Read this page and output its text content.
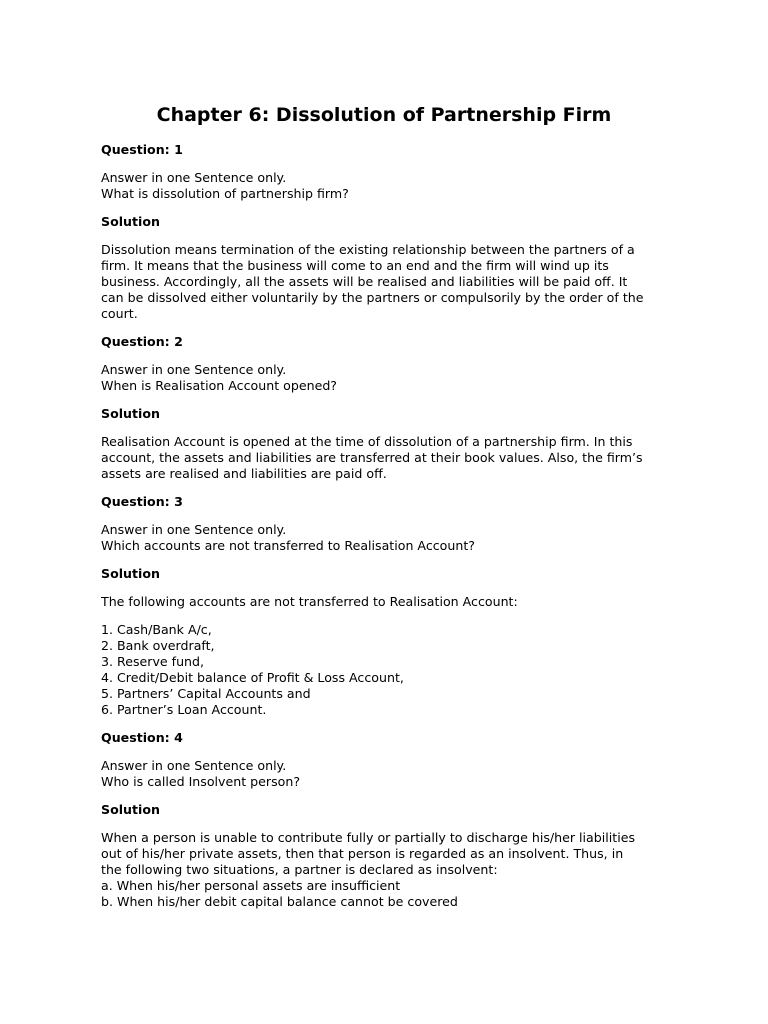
Chapter 6: Dissolution of Partnership Firm

Question: 1

Answer in one Sentence only.
What is dissolution of partnership firm?

Solution

Dissolution means termination of the existing relationship between the partners of a
firm. It means that the business will come to an end and the firm will wind up its
business. Accordingly, all the assets will be realised and liabilities will be paid off. It
can be dissolved either voluntarily by the partners or compulsorily by the order of the
court.

Question: 2

Answer in one Sentence only.
When is Realisation Account opened?

Solution

Realisation Account is opened at the time of dissolution of a partnership firm. In this
account, the assets and liabilities are transferred at their book values. Also, the firm’s
assets are realised and liabilities are paid off.

Question: 3

Answer in one Sentence only.
Which accounts are not transferred to Realisation Account?

Solution

The following accounts are not transferred to Realisation Account:

1. Cash/Bank A/c,
2. Bank overdraft,
3. Reserve fund,
4. Credit/Debit balance of Profit & Loss Account,
5. Partners’ Capital Accounts and
6. Partner’s Loan Account.

Question: 4

Answer in one Sentence only.
Who is called Insolvent person?

Solution

When a person is unable to contribute fully or partially to discharge his/her liabilities
out of his/her private assets, then that person is regarded as an insolvent. Thus, in
the following two situations, a partner is declared as insolvent:
a. When his/her personal assets are insufficient
b. When his/her debit capital balance cannot be covered
